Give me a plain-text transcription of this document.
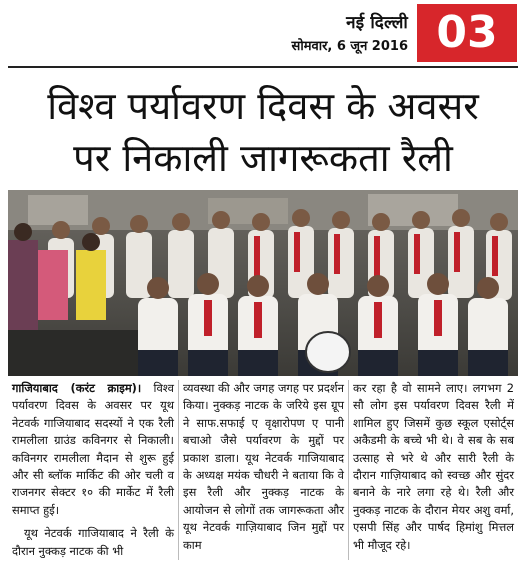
नई दिल्ली
सोमवार, 6 जून 2016 03
विश्व पर्यावरण दिवस के अवसर
पर निकाली जागरूकता रैली

गाजियाबाद (करंट क्राइम)। विश्व पर्यावरण दिवस के अवसर पर यूथ नेटवर्क गाजियाबाद सदस्यों ने एक रैली रामलीला ग्राउंड कविनगर से निकाली। कविनगर रामलीला मैदान से शुरू हुई और सी ब्लॉक मार्किट की ओर चली व राजनगर सेक्टर १० की मार्केट में रैली समाप्त हुई।

यूथ नेटवर्क गाजियाबाद ने रैली के दौरान नुक्कड़ नाटक की भी

व्यवस्था की और जगह जगह पर प्रदर्शन किया। नुक्कड़ नाटक के जरिये इस ग्रूप ने साफ.सफाई ए वृक्षारोपण ए पानी बचाओ जैसे पर्यावरण के मुद्दों पर प्रकाश डाला। यूथ नेटवर्क गाजियाबाद के अध्यक्ष मयंक चौधरी ने बताया कि वे इस रैली और नुक्कड़ नाटक के आयोजन से लोगों तक जागरूकता और यूथ नेटवर्क गाज़ियाबाद जिन मुद्दों पर काम

कर रहा है वो सामने लाए। लगभग 2 सौ लोग इस पर्यावरण दिवस रैली में शामिल हुए जिसमें कुछ स्कूल एसोर्ट्स अकैडमी के बच्चे भी थे। वे सब के सब उत्साह से भरे थे और सारी रैली के दौरान गाज़ियाबाद को स्वच्छ और सुंदर बनाने के नारे लगा रहे थे। रैली और नुक्कड़ नाटक के दौरान मेयर अशु वर्मा, एसपी सिंह और पार्षद हिमांशु मित्तल भी मौजूद रहे।
